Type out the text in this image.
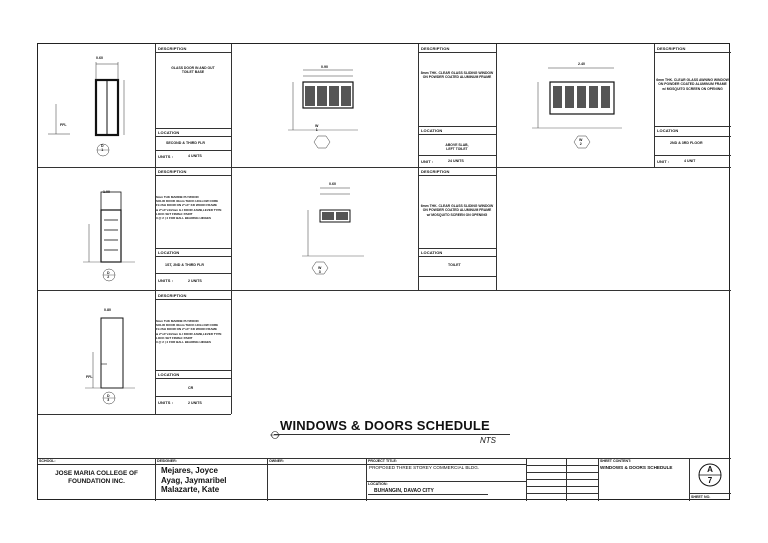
0.60
FFL
D
1
DESCRIPTION
GLASS DOOR IN AND OUT
TOILET BASE
LOCATION
SECOND & THIRD FLR
UNITS :	4 UNITS
0.90
W
1
DESCRIPTION
8mm THK. CLEAR GLASS SLIDING WINDOW
ON POWDER COATED ALUMINUM FRAME
LOCATION
ABOVE SLAB,
LEFT TOILET
UNIT :	24 UNITS
2.40
W
2
DESCRIPTION
6mm THK. CLEAR GLASS AWNING WINDOW
ON POWDER COATED ALUMINUM FRAME
w/ MOSQUITO SCREEN ON OPENING
LOCATION
2ND & 3RD FLOOR
UNIT :	4 UNIT
1.00
D
2
DESCRIPTION
6mm THK MARINE PLYWOOD
SOLID DOOR 40mm THICK HOLLOW CORE
FLUSH DOOR ON 2"x4" KD WOOD FRAME
& 2"x4"x1/2mm G.I DOOR JAMB,LEVER TYPE
LOCK SET FINISH: PAINT
3 @ 2 | 4 FOR BALL BEARING HINGES
LOCATION
1ST, 2ND & THIRD FLR
UNITS :	2 UNITS
0.60
W
3
DESCRIPTION
6mm THK. CLEAR GLASS SLIDING WINDOW
ON POWDER COATED ALUMINUM FRAME
w/ MOSQUITO SCREEN ON OPENING
LOCATION
TOILET
0.80
FFL
D
3
DESCRIPTION
6mm THK MARINE PLYWOOD
SOLID DOOR 40mm THICK HOLLOW CORE
FLUSH DOOR ON 2"x4" KD WOOD FRAME
& 2"x4"x1/2mm G.I DOOR JAMB,LEVER TYPE
LOCK SET FINISH: PAINT
3 @ 2 | 4 FOR BALL BEARING HINGES
LOCATION
CR
UNITS :	2 UNITS
WINDOWS & DOORS SCHEDULE
NTS
SCHOOL:
JOSE MARIA COLLEGE OF
FOUNDATION INC.
DESIGNER:
Mejares, Joyce
Ayag, Jaymaribel
Malazarte, Kate
OWNER:	PROJECT TITLE:
PROPOSED THREE STOREY COMMERCIAL BLDG.
LOCATION:
BUHANGIN, DAVAO CITY
SHEET CONTENT:
WINDOWS & DOORS SCHEDULE	A
7
SHEET NO.
